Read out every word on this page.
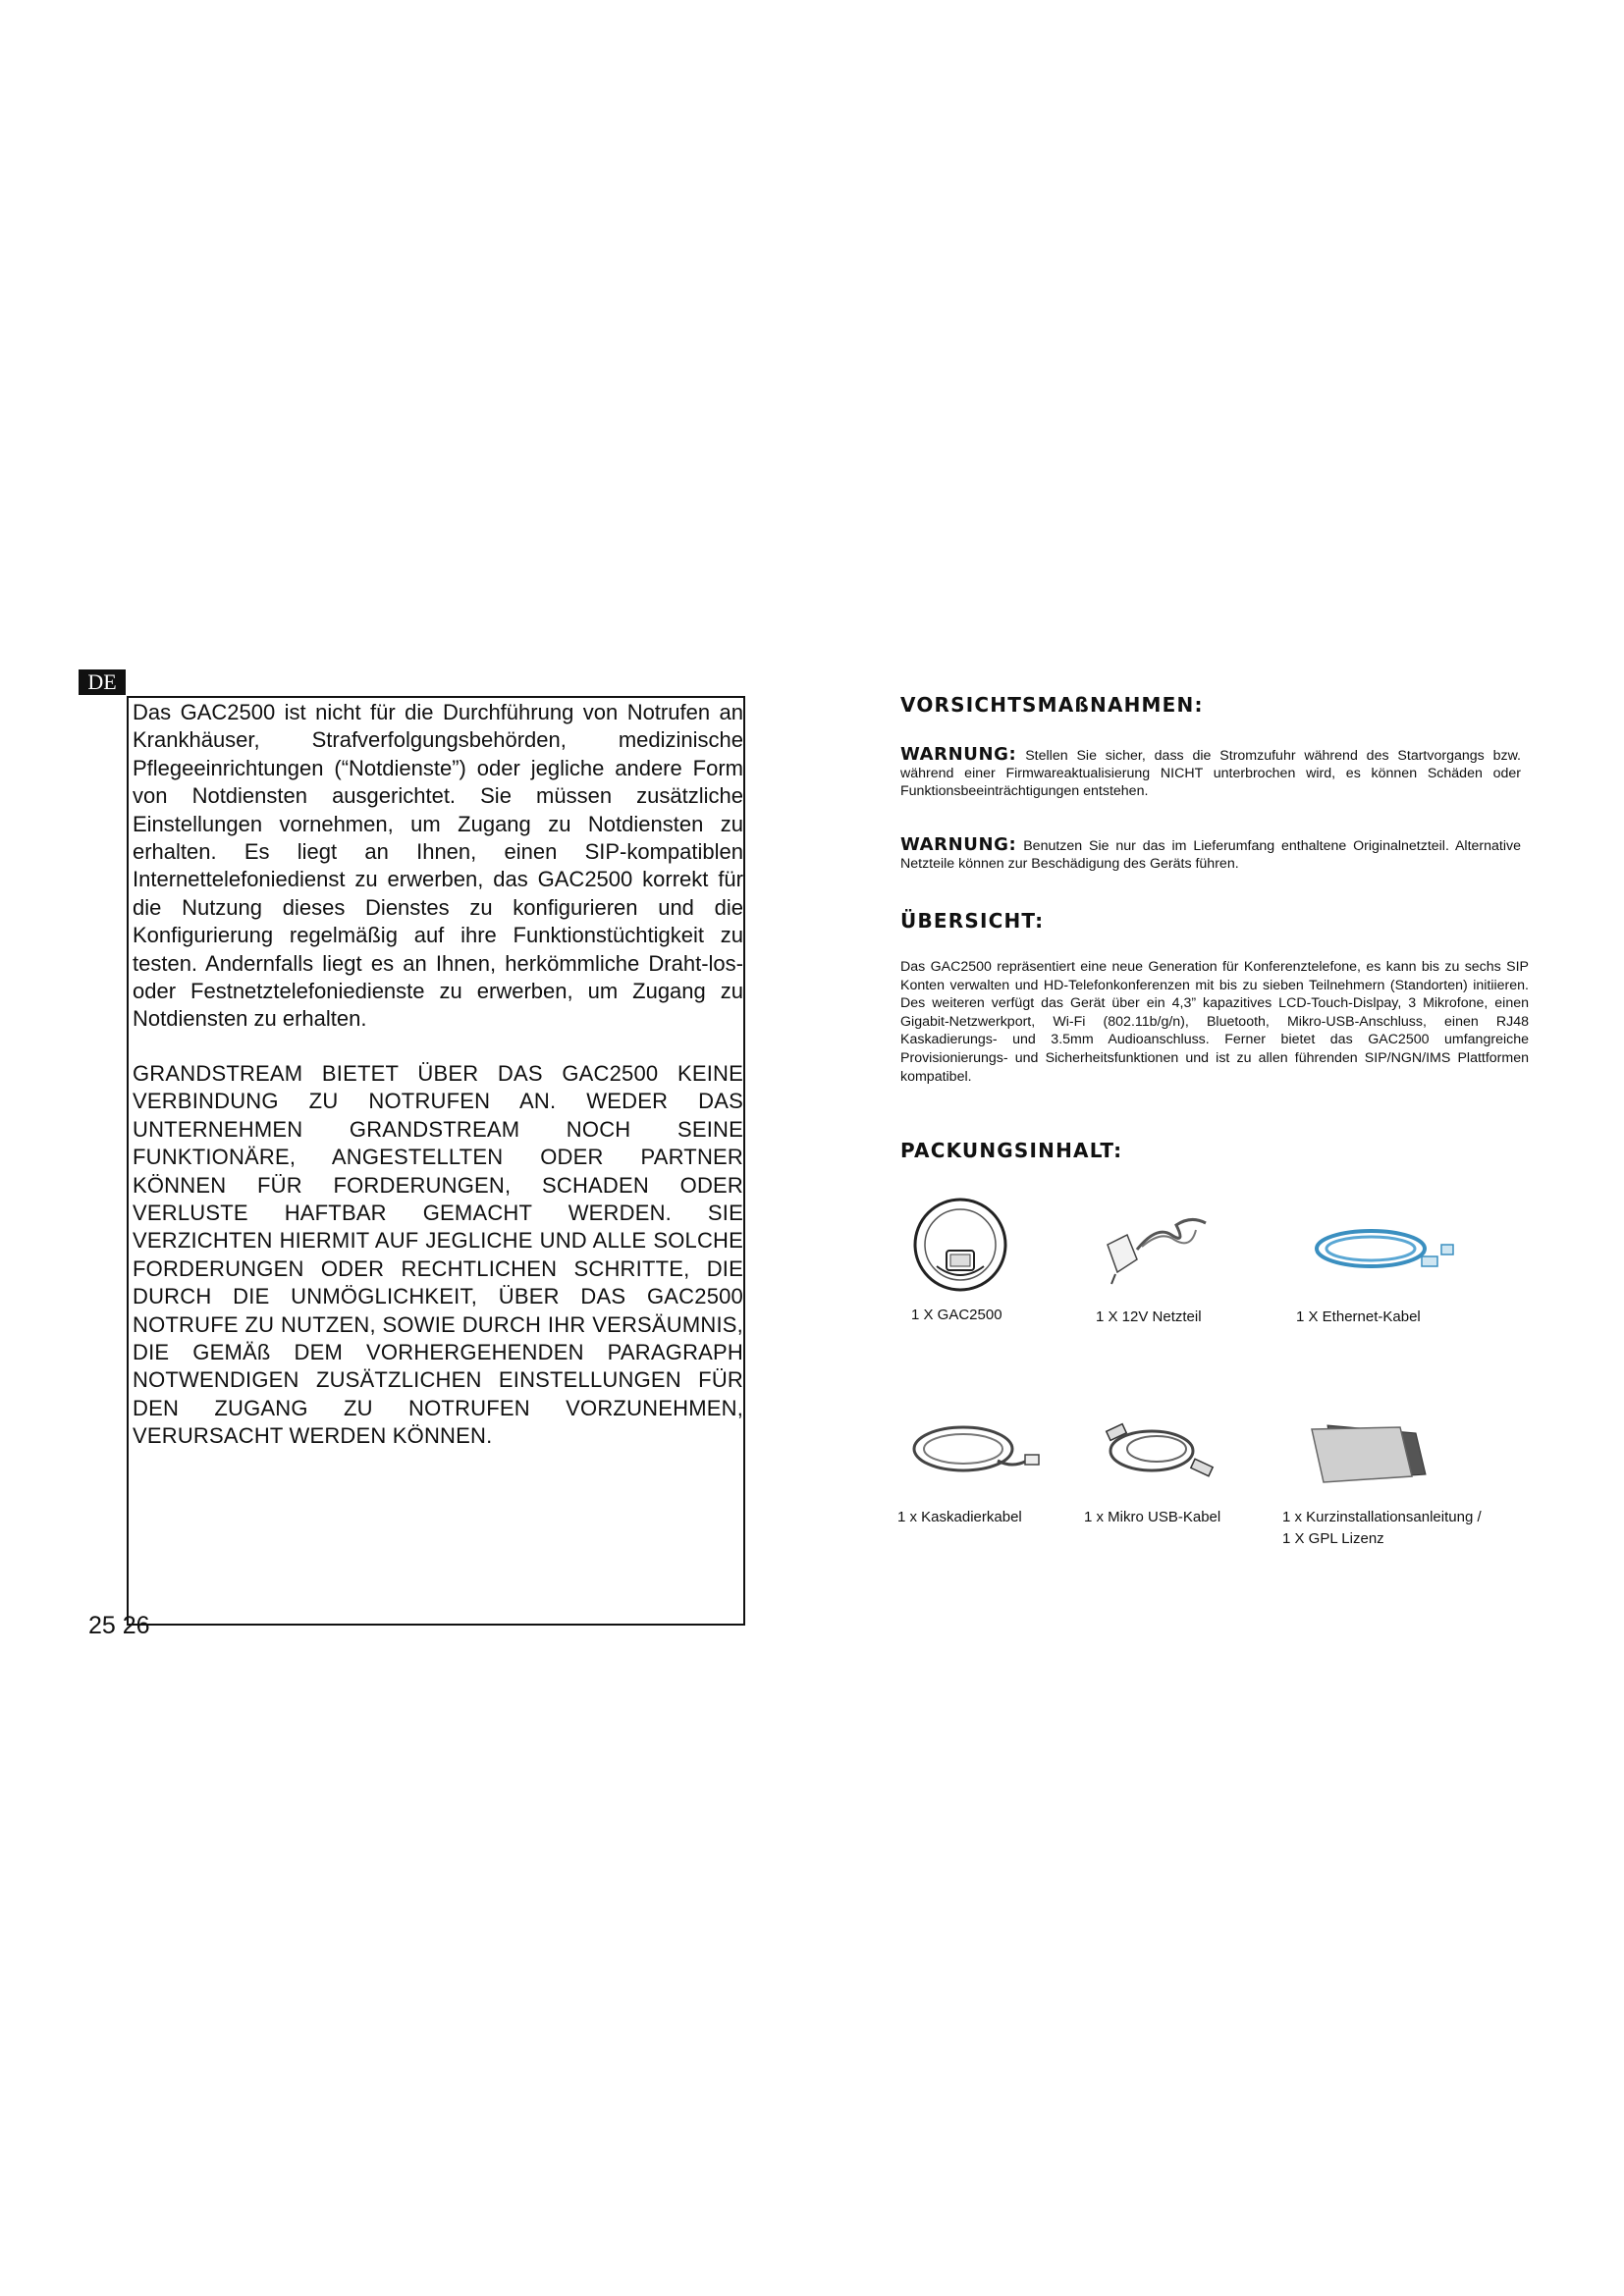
DE

Das GAC2500 ist nicht für die Durchführung von Notrufen an Krankhäuser, Strafverfolgungsbehörden, medizinische Pflegeeinrichtungen (“Notdienste”) oder jegliche andere Form von Notdiensten ausgerichtet. Sie müssen zusätzliche Einstellungen vornehmen, um Zugang zu Notdiensten zu erhalten. Es liegt an Ihnen, einen SIP-kompatiblen Internettelefoniedienst zu erwerben, das GAC2500 korrekt für die Nutzung dieses Dienstes zu konfigurieren und die Konfigurierung regelmäßig auf ihre Funktionstüchtigkeit zu testen. Andernfalls liegt es an Ihnen, herkömmliche Draht-los- oder Festnetztelefoniedienste zu erwerben, um Zugang zu Notdiensten zu erhalten.

GRANDSTREAM BIETET ÜBER DAS GAC2500 KEINE VERBINDUNG ZU NOTRUFEN AN. WEDER DAS UNTERNEHMEN GRANDSTREAM NOCH SEINE FUNKTIONÄRE, ANGESTELLTEN ODER PARTNER KÖNNEN FÜR FORDERUNGEN, SCHADEN ODER VERLUSTE HAFTBAR GEMACHT WERDEN. SIE VERZICHTEN HIERMIT AUF JEGLICHE UND ALLE SOLCHE FORDERUNGEN ODER RECHTLICHEN SCHRITTE, DIE DURCH DIE UNMÖGLICHKEIT, ÜBER DAS GAC2500 NOTRUFE ZU NUTZEN, SOWIE DURCH IHR VERSÄUMNIS, DIE GEMÄß DEM VORHERGEHENDEN PARAGRAPH NOTWENDIGEN ZUSÄTZLICHEN EINSTELLUNGEN FÜR DEN ZUGANG ZU NOTRUFEN VORZUNEHMEN, VERURSACHT WERDEN KÖNNEN.

25 26
VORSICHTSMAßNAHMEN:

WARNUNG: Stellen Sie sicher, dass die Stromzufuhr während des Startvorgangs bzw. während einer Firmwareaktualisierung NICHT unterbrochen wird, es können Schäden oder Funktionsbeeinträchtigungen entstehen.

WARNUNG: Benutzen Sie nur das im Lieferumfang enthaltene Originalnetzteil. Alternative Netzteile können zur Beschädigung des Geräts führen.

ÜBERSICHT:

Das GAC2500 repräsentiert eine neue Generation für Konferenztelefone, es kann bis zu sechs SIP Konten verwalten und HD-Telefonkonferenzen mit bis zu sieben Teilnehmern (Standorten) initiieren. Des weiteren verfügt das Gerät über ein 4,3” kapazitives LCD-Touch-Dislpay, 3 Mikrofone, einen Gigabit-Netzwerkport, Wi-Fi (802.11b/g/n), Bluetooth, Mikro-USB-Anschluss, einen RJ48 Kaskadierungs- und 3.5mm Audioanschluss. Ferner bietet das GAC2500 umfangreiche Provisionierungs- und Sicherheitsfunktionen und ist zu allen führenden SIP/NGN/IMS Plattformen kompatibel.

PACKUNGSINHALT:
1 X GAC2500	1 X 12V Netzteil	1 X Ethernet-Kabel
1 x Kaskadierkabel	1 x Mikro USB-Kabel	1 x Kurzinstallationsanleitung /
1 X GPL Lizenz
